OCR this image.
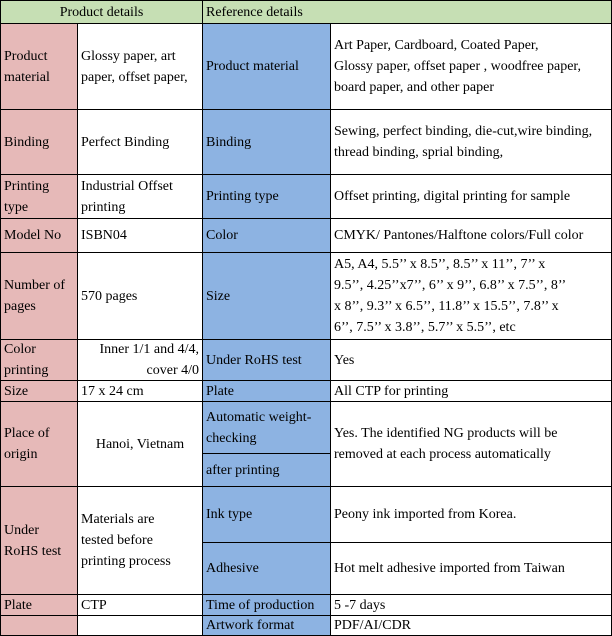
Product details	Reference details
Product
material
Binding
Printing
type
Model No
Number of
pages
Color
printing
Size
Place of
origin
Under
RoHS test
Plate
Glossy paper, art
paper, offset paper,
Perfect Binding
Industrial Offset
printing
ISBN04
570 pages
Inner 1/1 and 4/4,
cover 4/0
17 x 24 cm
Hanoi, Vietnam
Materials are
tested before
printing process
CTP
Product material
Binding
Printing type
Color
Size
Under RoHS test
Plate
Automatic weight-
checking
after printing
Ink type
Adhesive
Time of production
Artwork format
Art Paper, Cardboard, Coated Paper,
Glossy paper, offset paper , woodfree paper,
board paper, and other paper
Sewing, perfect binding, die-cut,wire binding,
thread binding, sprial binding,
Offset printing, digital printing for sample
CMYK/ Pantones/Halftone colors/Full color
A5, A4, 5.5’’ x 8.5’’, 8.5’’ x 11’’, 7’’ x
9.5’’, 4.25’’x7’’, 6’’ x 9’’, 6.8’’ x 7.5’’, 8’’
x 8’’, 9.3’’ x 6.5’’, 11.8’’ x 15.5’’, 7.8’’ x
6’’, 7.5’’ x 3.8’’, 5.7’’ x 5.5’’, etc
Yes
All CTP for printing
Yes. The identified NG products will be
removed at each process automatically
Peony ink imported from Korea.
Hot melt adhesive imported from Taiwan
5 -7 days
PDF/AI/CDR
